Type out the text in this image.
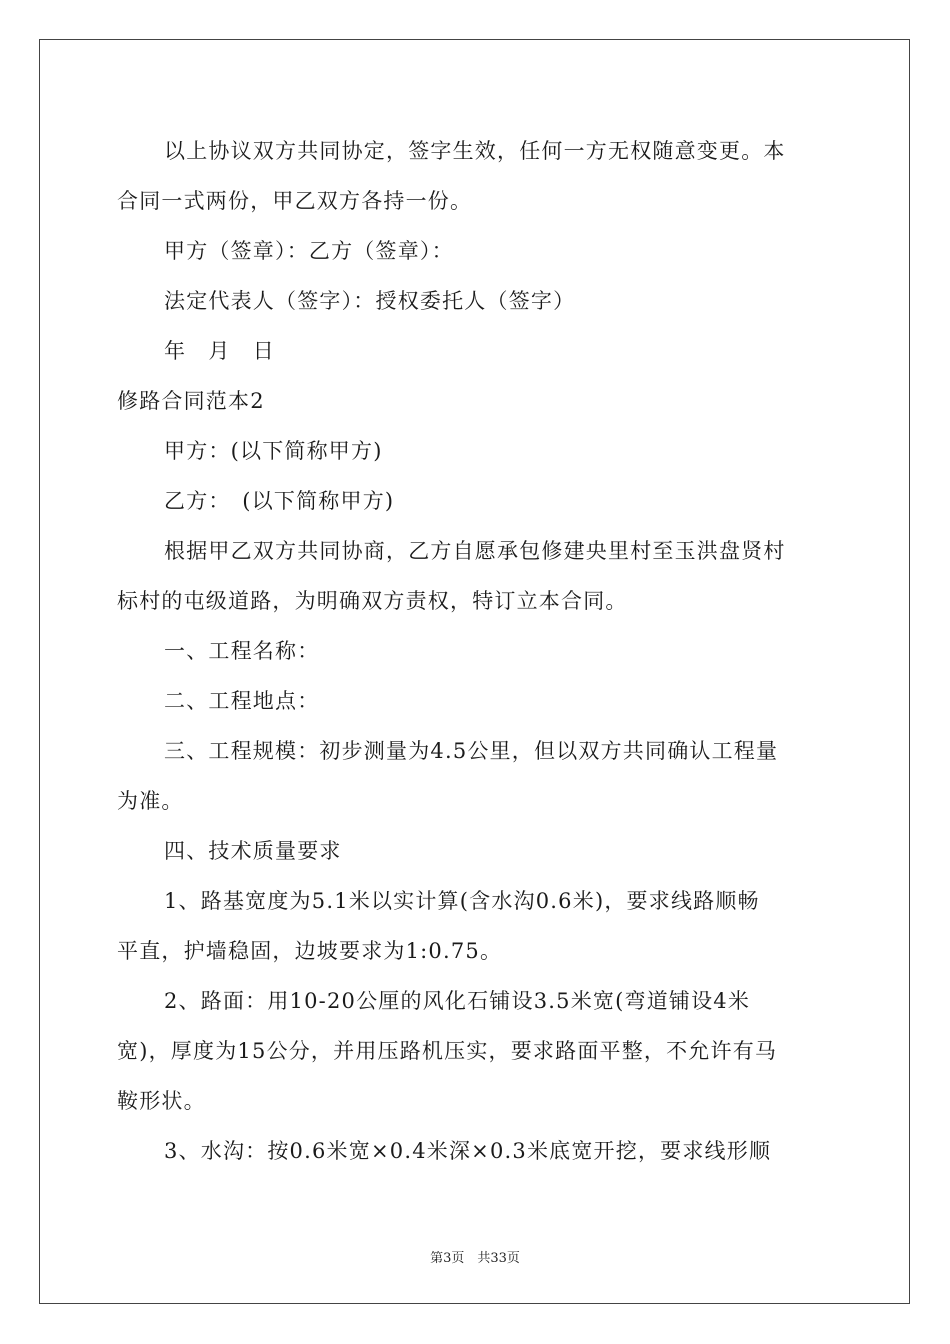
以上协议双方共同协定，签字生效，任何一方无权随意变更。本
合同一式两份，甲乙双方各持一份。
甲方（签章）：乙方（签章）：
法定代表人（签字）：授权委托人（签字）
年　月　日
修路合同范本2
甲方：(以下简称甲方)
乙方：　(以下简称甲方)
根据甲乙双方共同协商，乙方自愿承包修建央里村至玉洪盘贤村
标村的屯级道路，为明确双方责权，特订立本合同。
一、工程名称：
二、工程地点：
三、工程规模：初步测量为4.5公里，但以双方共同确认工程量
为准。
四、技术质量要求
1、路基宽度为5.1米以实计算(含水沟0.6米)，要求线路顺畅
平直，护墙稳固，边坡要求为1:0.75。
2、路面：用10-20公厘的风化石铺设3.5米宽(弯道铺设4米
宽)，厚度为15公分，并用压路机压实，要求路面平整，不允许有马
鞍形状。
3、水沟：按0.6米宽×0.4米深×0.3米底宽开挖，要求线形顺
第3页　共33页
